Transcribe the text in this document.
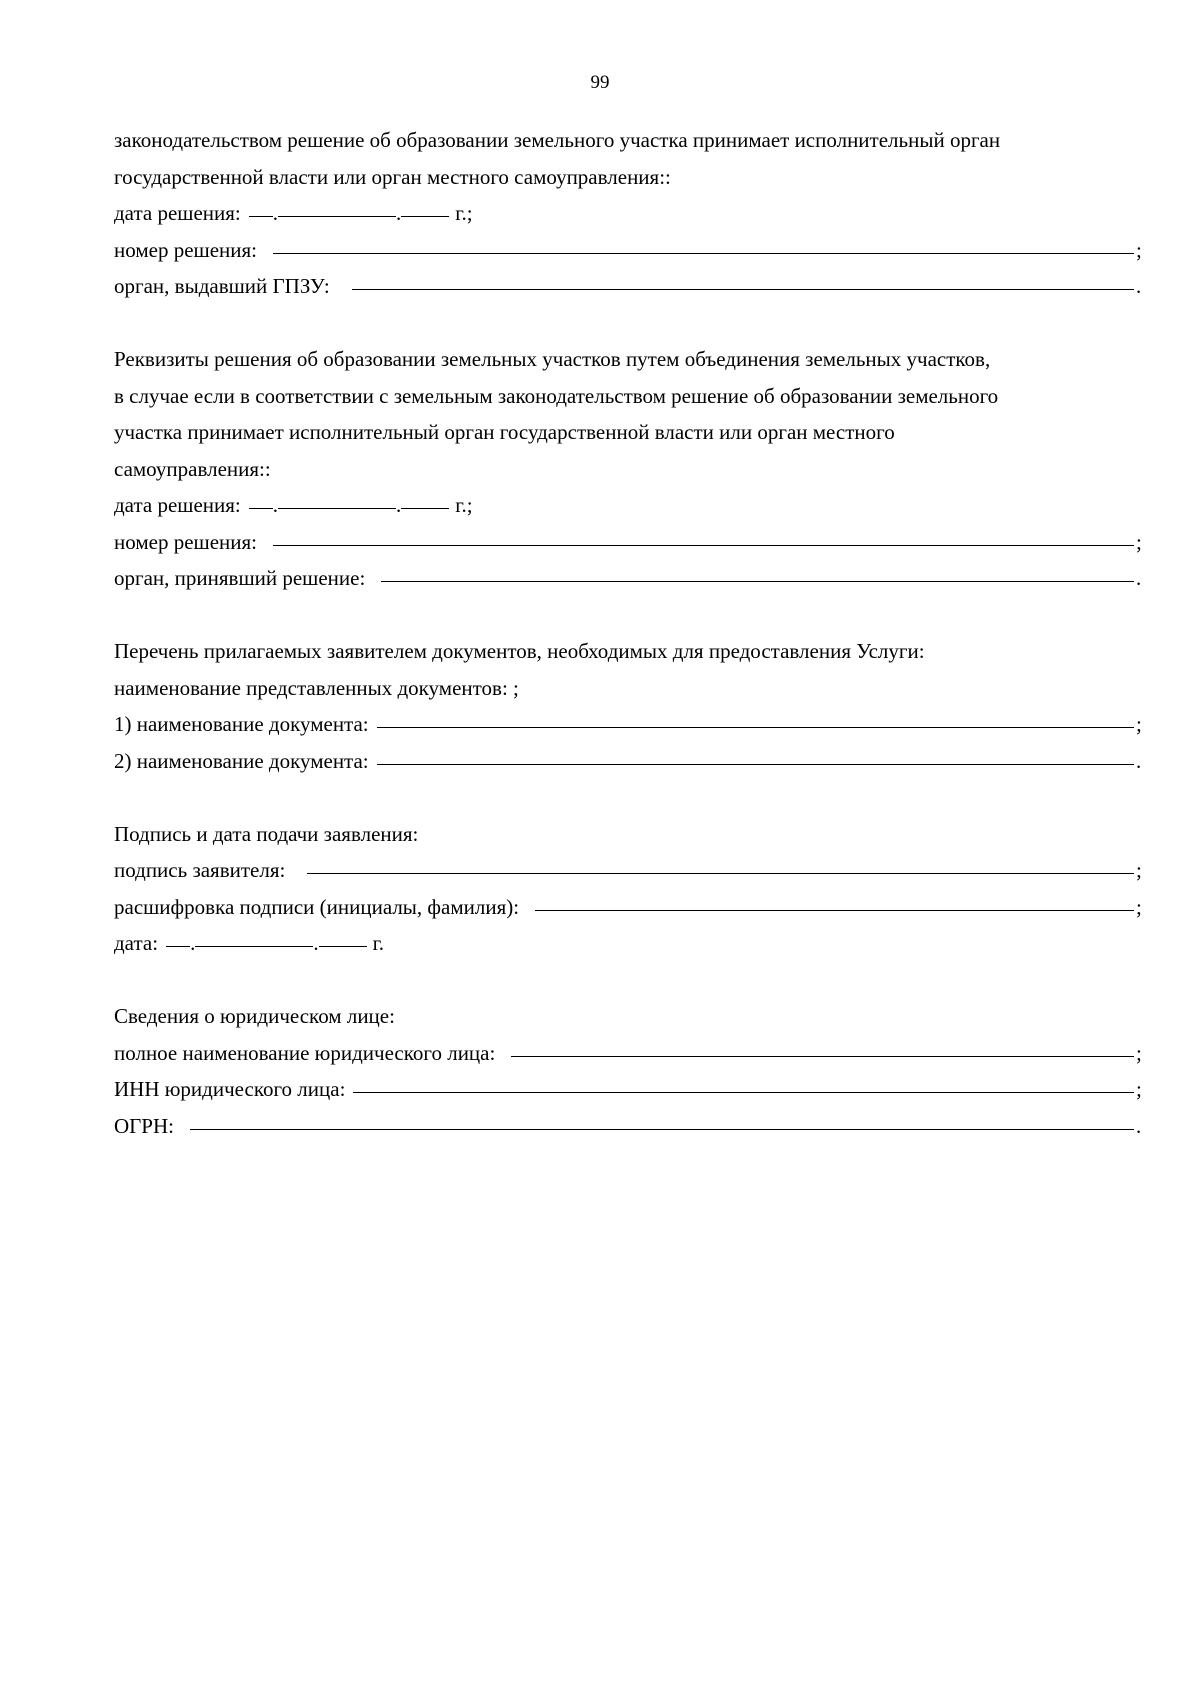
99
законодательством решение об образовании земельного участка принимает исполнительный орган
государственной власти или орган местного самоуправления::
дата решения: .	.	г.;
номер решения:	;
орган, выдавший ГПЗУ:	.
Реквизиты решения об образовании земельных участков путем объединения земельных участков,
в случае если в соответствии с земельным законодательством решение об образовании земельного
участка принимает исполнительный орган государственной власти или орган местного
самоуправления::
дата решения: .	.	г.;
номер решения:	;
орган, принявший решение:	.
Перечень прилагаемых заявителем документов, необходимых для предоставления Услуги:
наименование представленных документов: ;
1) наименование документа:	;
2) наименование документа:	.
Подпись и дата подачи заявления:
подпись заявителя:	;
расшифровка подписи (инициалы, фамилия):	;
дата: .	.	г.
Сведения о юридическом лице:
полное наименование юридического лица:	;
ИНН юридического лица:	;
ОГРН:	.
